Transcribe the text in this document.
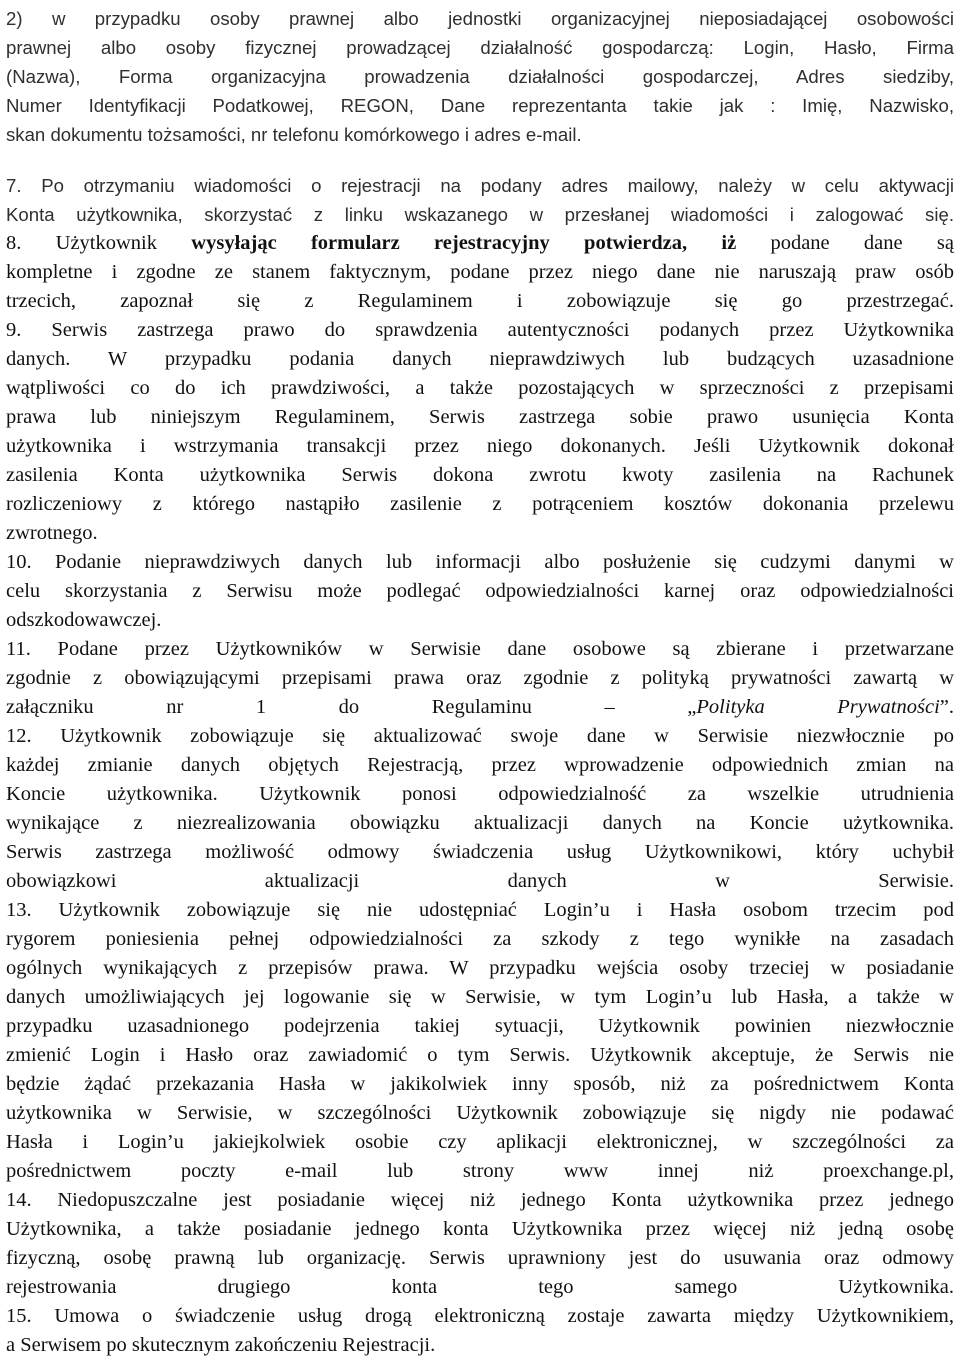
2) w przypadku osoby prawnej albo jednostki organizacyjnej nieposiadającej osobowości
prawnej albo osoby fizycznej prowadzącej działalność gospodarczą: Login, Hasło, Firma
(Nazwa), Forma organizacyjna prowadzenia działalności gospodarczej, Adres siedziby,
Numer Identyfikacji Podatkowej, REGON, Dane reprezentanta takie jak : Imię, Nazwisko,
skan dokumentu tożsamości, nr telefonu komórkowego i adres e-mail.
7. Po otrzymaniu wiadomości o rejestracji na podany adres mailowy, należy w celu aktywacji
Konta użytkownika, skorzystać z linku wskazanego w przesłanej wiadomości i zalogować się.
8. Użytkownik wysyłając formularz rejestracyjny potwierdza, iż podane dane są
kompletne i zgodne ze stanem faktycznym, podane przez niego dane nie naruszają praw osób
trzecich, zapoznał się z Regulaminem i zobowiązuje się go przestrzegać.
9. Serwis zastrzega prawo do sprawdzenia autentyczności podanych przez Użytkownika
danych. W przypadku podania danych nieprawdziwych lub budzących uzasadnione
wątpliwości co do ich prawdziwości, a także pozostających w sprzeczności z przepisami
prawa lub niniejszym Regulaminem, Serwis zastrzega sobie prawo usunięcia Konta
użytkownika i wstrzymania transakcji przez niego dokonanych. Jeśli Użytkownik dokonał
zasilenia Konta użytkownika Serwis dokona zwrotu kwoty zasilenia na Rachunek
rozliczeniowy z którego nastąpiło zasilenie z potrąceniem kosztów dokonania przelewu
zwrotnego.
10. Podanie nieprawdziwych danych lub informacji albo posłużenie się cudzymi danymi w
celu skorzystania z Serwisu może podlegać odpowiedzialności karnej oraz odpowiedzialności
odszkodowawczej.
11. Podane przez Użytkowników w Serwisie dane osobowe są zbierane i przetwarzane
zgodnie z obowiązującymi przepisami prawa oraz zgodnie z polityką prywatności zawartą w
załączniku nr 1 do Regulaminu – „Polityka Prywatności”.
12. Użytkownik zobowiązuje się aktualizować swoje dane w Serwisie niezwłocznie po
każdej zmianie danych objętych Rejestracją, przez wprowadzenie odpowiednich zmian na
Koncie użytkownika. Użytkownik ponosi odpowiedzialność za wszelkie utrudnienia
wynikające z niezrealizowania obowiązku aktualizacji danych na Koncie użytkownika.
Serwis zastrzega możliwość odmowy świadczenia usług Użytkownikowi, który uchybił
obowiązkowi aktualizacji danych w Serwisie.
13. Użytkownik zobowiązuje się nie udostępniać Login’u i Hasła osobom trzecim pod
rygorem poniesienia pełnej odpowiedzialności za szkody z tego wynikłe na zasadach
ogólnych wynikających z przepisów prawa. W przypadku wejścia osoby trzeciej w posiadanie
danych umożliwiających jej logowanie się w Serwisie, w tym Login’u lub Hasła, a także w
przypadku uzasadnionego podejrzenia takiej sytuacji, Użytkownik powinien niezwłocznie
zmienić Login i Hasło oraz zawiadomić o tym Serwis. Użytkownik akceptuje, że Serwis nie
będzie żądać przekazania Hasła w jakikolwiek inny sposób, niż za pośrednictwem Konta
użytkownika w Serwisie, w szczególności Użytkownik zobowiązuje się nigdy nie podawać
Hasła i Login’u jakiejkolwiek osobie czy aplikacji elektronicznej, w szczególności za
pośrednictwem poczty e-mail lub strony www innej niż proexchange.pl,
14. Niedopuszczalne jest posiadanie więcej niż jednego Konta użytkownika przez jednego
Użytkownika, a także posiadanie jednego konta Użytkownika przez więcej niż jedną osobę
fizyczną, osobę prawną lub organizację. Serwis uprawniony jest do usuwania oraz odmowy
rejestrowania drugiego konta tego samego Użytkownika.
15. Umowa o świadczenie usług drogą elektroniczną zostaje zawarta między Użytkownikiem,
a Serwisem po skutecznym zakończeniu Rejestracji.
